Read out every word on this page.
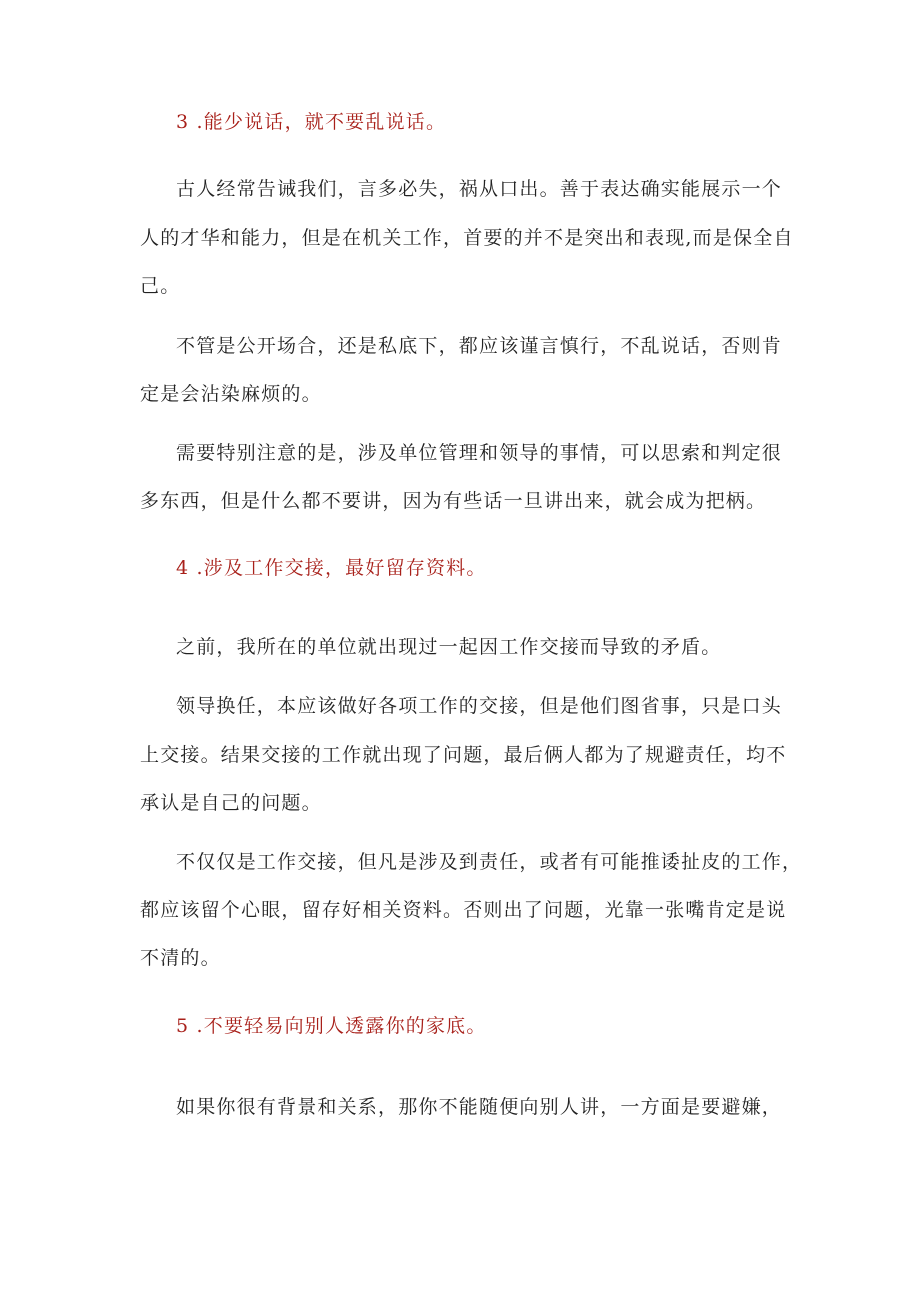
3 .能少说话，就不要乱说话。
古人经常告诫我们，言多必失，祸从口出。善于表达确实能展示一个
人的才华和能力，但是在机关工作，首要的并不是突出和表现,而是保全自
己。
不管是公开场合，还是私底下，都应该谨言慎行，不乱说话，否则肯
定是会沾染麻烦的。
需要特别注意的是，涉及单位管理和领导的事情，可以思索和判定很
多东西，但是什么都不要讲，因为有些话一旦讲出来，就会成为把柄。
4 .涉及工作交接，最好留存资料。
之前，我所在的单位就出现过一起因工作交接而导致的矛盾。
领导换任，本应该做好各项工作的交接，但是他们图省事，只是口头
上交接。结果交接的工作就出现了问题，最后俩人都为了规避责任，均不
承认是自己的问题。
不仅仅是工作交接，但凡是涉及到责任，或者有可能推诿扯皮的工作，
都应该留个心眼，留存好相关资料。否则出了问题，光靠一张嘴肯定是说
不清的。
5 .不要轻易向别人透露你的家底。
如果你很有背景和关系，那你不能随便向别人讲，一方面是要避嫌，
